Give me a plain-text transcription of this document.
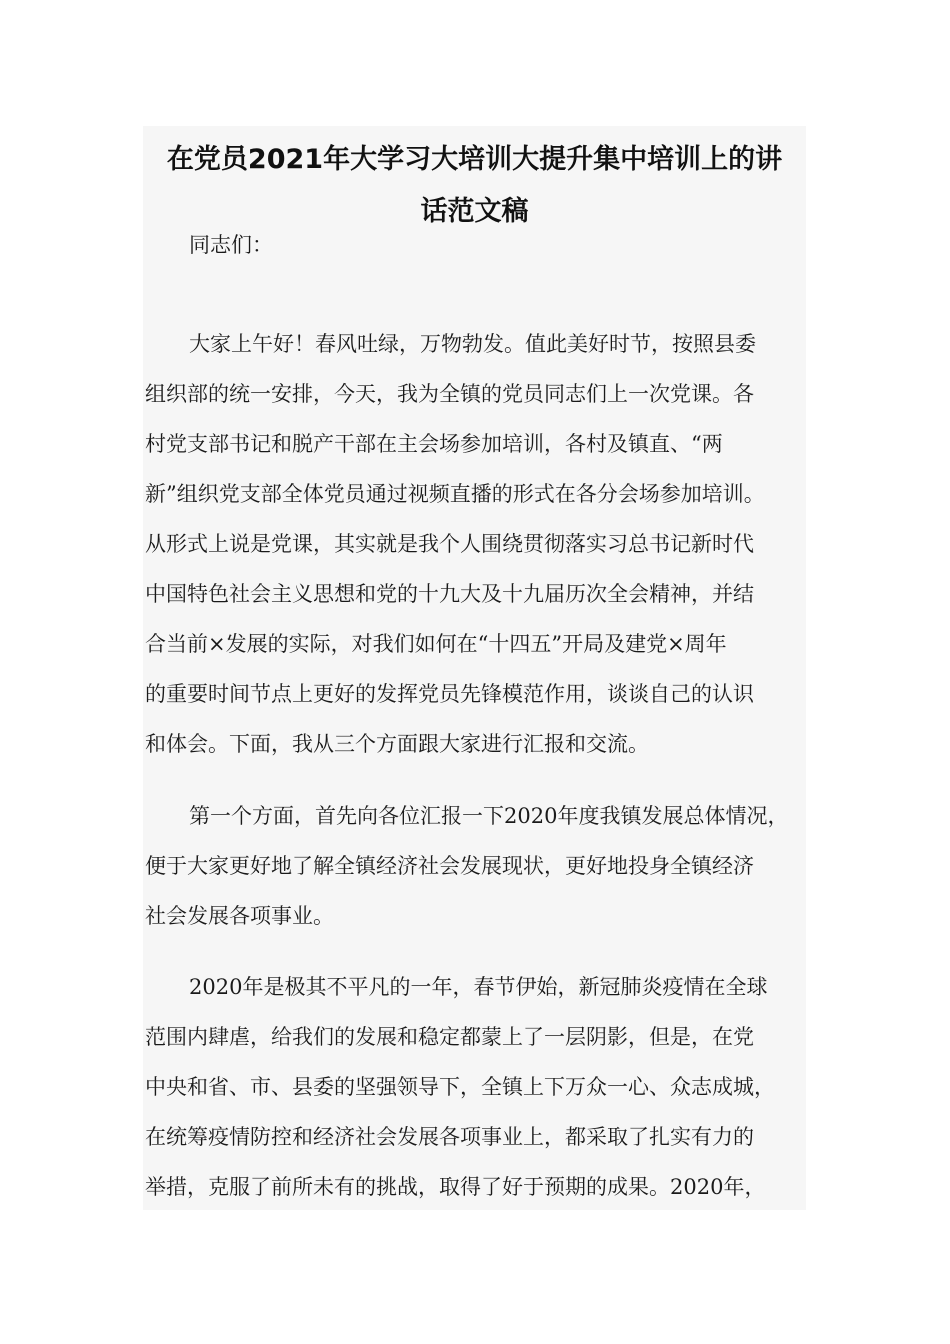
在党员2021年大学习大培训大提升集中培训上的讲
话范文稿
同志们：
大家上午好！春风吐绿，万物勃发。值此美好时节，按照县委
组织部的统一安排，今天，我为全镇的党员同志们上一次党课。各
村党支部书记和脱产干部在主会场参加培训，各村及镇直、“两
新”组织党支部全体党员通过视频直播的形式在各分会场参加培训。
从形式上说是党课，其实就是我个人围绕贯彻落实习总书记新时代
中国特色社会主义思想和党的十九大及十九届历次全会精神，并结
合当前×发展的实际，对我们如何在“十四五”开局及建党×周年
的重要时间节点上更好的发挥党员先锋模范作用，谈谈自己的认识
和体会。下面，我从三个方面跟大家进行汇报和交流。
第一个方面，首先向各位汇报一下2020年度我镇发展总体情况，
便于大家更好地了解全镇经济社会发展现状，更好地投身全镇经济
社会发展各项事业。
2020年是极其不平凡的一年，春节伊始，新冠肺炎疫情在全球
范围内肆虐，给我们的发展和稳定都蒙上了一层阴影，但是，在党
中央和省、市、县委的坚强领导下，全镇上下万众一心、众志成城，
在统筹疫情防控和经济社会发展各项事业上，都采取了扎实有力的
举措，克服了前所未有的挑战，取得了好于预期的成果。2020年，
